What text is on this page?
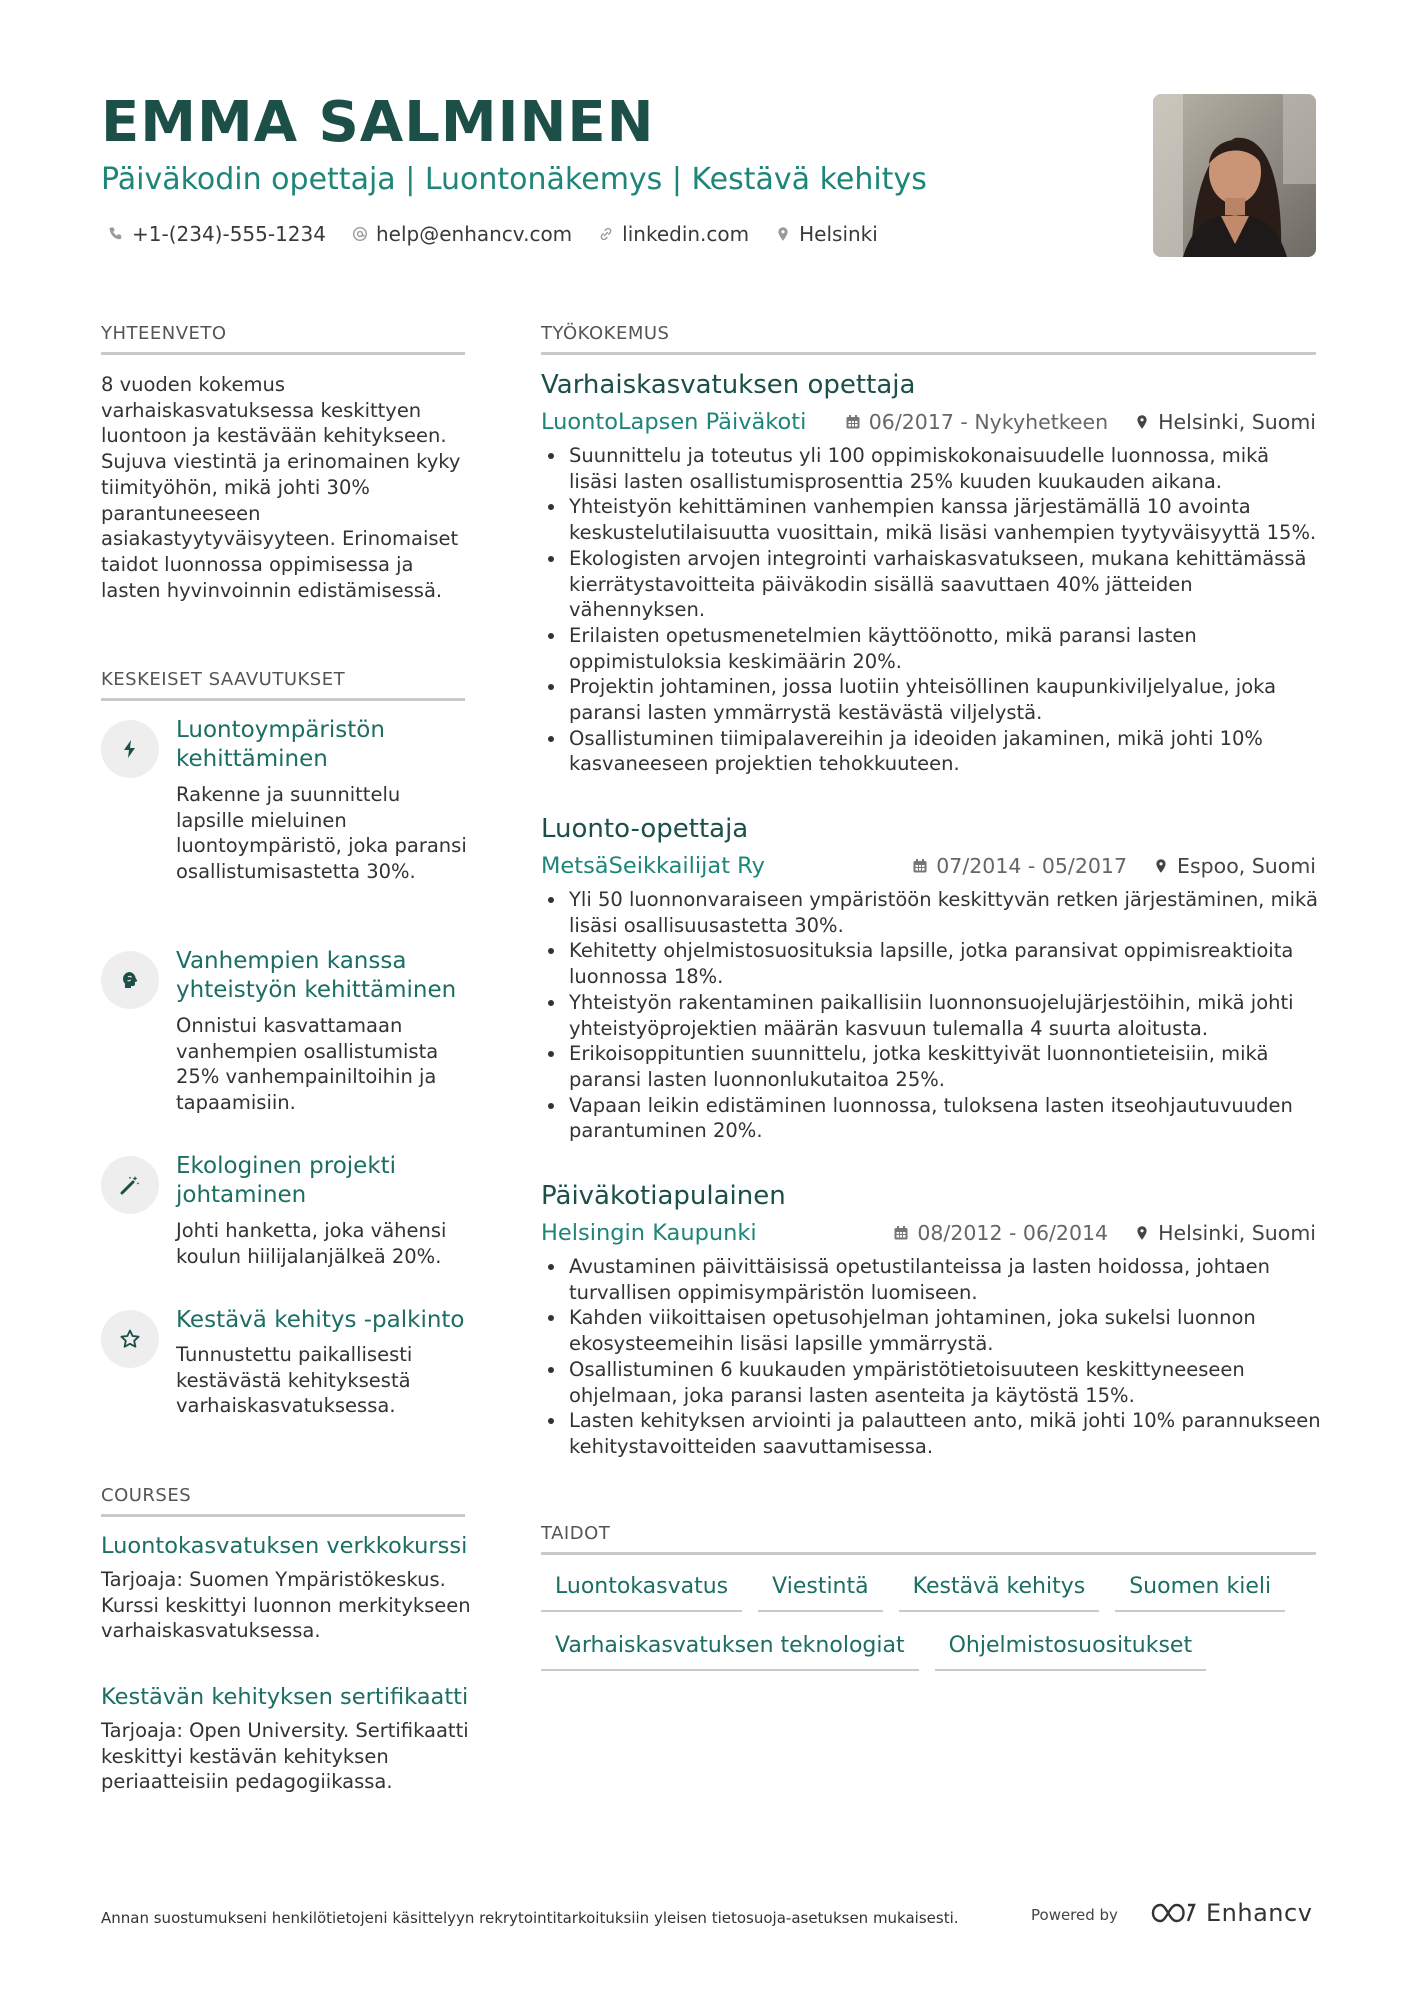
EMMA SALMINEN
Päiväkodin opettaja | Luontonäkemys | Kestävä kehitys
+1-(234)-555-1234	help@enhancv.com	linkedin.com	Helsinki
YHTEENVETO
8 vuoden kokemus varhaiskasvatuksessa keskittyen luontoon ja kestävään kehitykseen. Sujuva viestintä ja erinomainen kyky tiimityöhön, mikä johti 30% parantuneeseen asiakastyytyväisyyteen. Erinomaiset taidot luonnossa oppimisessa ja lasten hyvinvoinnin edistämisessä.
KESKEISET SAAVUTUKSET
Luontoympäristön kehittäminen
Rakenne ja suunnittelu lapsille mieluinen luontoympäristö, joka paransi osallistumisastetta 30%.
Vanhempien kanssa yhteistyön kehittäminen
Onnistui kasvattamaan vanhempien osallistumista 25% vanhempainiltoihin ja tapaamisiin.
Ekologinen projekti johtaminen
Johti hanketta, joka vähensi koulun hiilijalanjälkeä 20%.
Kestävä kehitys -palkinto
Tunnustettu paikallisesti kestävästä kehityksestä varhaiskasvatuksessa.
COURSES
Luontokasvatuksen verkkokurssi
Tarjoaja: Suomen Ympäristökeskus. Kurssi keskittyi luonnon merkitykseen varhaiskasvatuksessa.
Kestävän kehityksen sertifikaatti
Tarjoaja: Open University. Sertifikaatti keskittyi kestävän kehityksen periaatteisiin pedagogiikassa.
TYÖKOKEMUS
Varhaiskasvatuksen opettaja
LuontoLapsen Päiväkoti	06/2017 - Nykyhetkeen Helsinki, Suomi
Suunnittelu ja toteutus yli 100 oppimiskokonaisuudelle luonnossa, mikä lisäsi lasten osallistumisprosenttia 25% kuuden kuukauden aikana.
Yhteistyön kehittäminen vanhempien kanssa järjestämällä 10 avointa keskustelutilaisuutta vuosittain, mikä lisäsi vanhempien tyytyväisyyttä 15%.
Ekologisten arvojen integrointi varhaiskasvatukseen, mukana kehittämässä kierrätystavoitteita päiväkodin sisällä saavuttaen 40% jätteiden vähennyksen.
Erilaisten opetusmenetelmien käyttöönotto, mikä paransi lasten oppimistuloksia keskimäärin 20%.
Projektin johtaminen, jossa luotiin yhteisöllinen kaupunkiviljelyalue, joka paransi lasten ymmärrystä kestävästä viljelystä.
Osallistuminen tiimipalavereihin ja ideoiden jakaminen, mikä johti 10% kasvaneeseen projektien tehokkuuteen.
Luonto-opettaja
MetsäSeikkailijat Ry	07/2014 - 05/2017 Espoo, Suomi
Yli 50 luonnonvaraiseen ympäristöön keskittyvän retken järjestäminen, mikä lisäsi osallisuusastetta 30%.
Kehitetty ohjelmistosuosituksia lapsille, jotka paransivat oppimisreaktioita luonnossa 18%.
Yhteistyön rakentaminen paikallisiin luonnonsuojelujärjestöihin, mikä johti yhteistyöprojektien määrän kasvuun tulemalla 4 suurta aloitusta.
Erikoisoppituntien suunnittelu, jotka keskittyivät luonnontieteisiin, mikä paransi lasten luonnonlukutaitoa 25%.
Vapaan leikin edistäminen luonnossa, tuloksena lasten itseohjautuvuuden parantuminen 20%.
Päiväkotiapulainen
Helsingin Kaupunki	08/2012 - 06/2014 Helsinki, Suomi
Avustaminen päivittäisissä opetustilanteissa ja lasten hoidossa, johtaen turvallisen oppimisympäristön luomiseen.
Kahden viikoittaisen opetusohjelman johtaminen, joka sukelsi luonnon ekosysteemeihin lisäsi lapsille ymmärrystä.
Osallistuminen 6 kuukauden ympäristötietoisuuteen keskittyneeseen ohjelmaan, joka paransi lasten asenteita ja käytöstä 15%.
Lasten kehityksen arviointi ja palautteen anto, mikä johti 10% parannukseen kehitystavoitteiden saavuttamisessa.
TAIDOT
Luontokasvatus	Viestintä	Kestävä kehitys	Suomen kieli
Varhaiskasvatuksen teknologiat	Ohjelmistosuositukset
Annan suostumukseni henkilötietojeni käsittelyyn rekrytointitarkoituksiin yleisen tietosuoja-asetuksen mukaisesti.	Powered by	Enhancv
